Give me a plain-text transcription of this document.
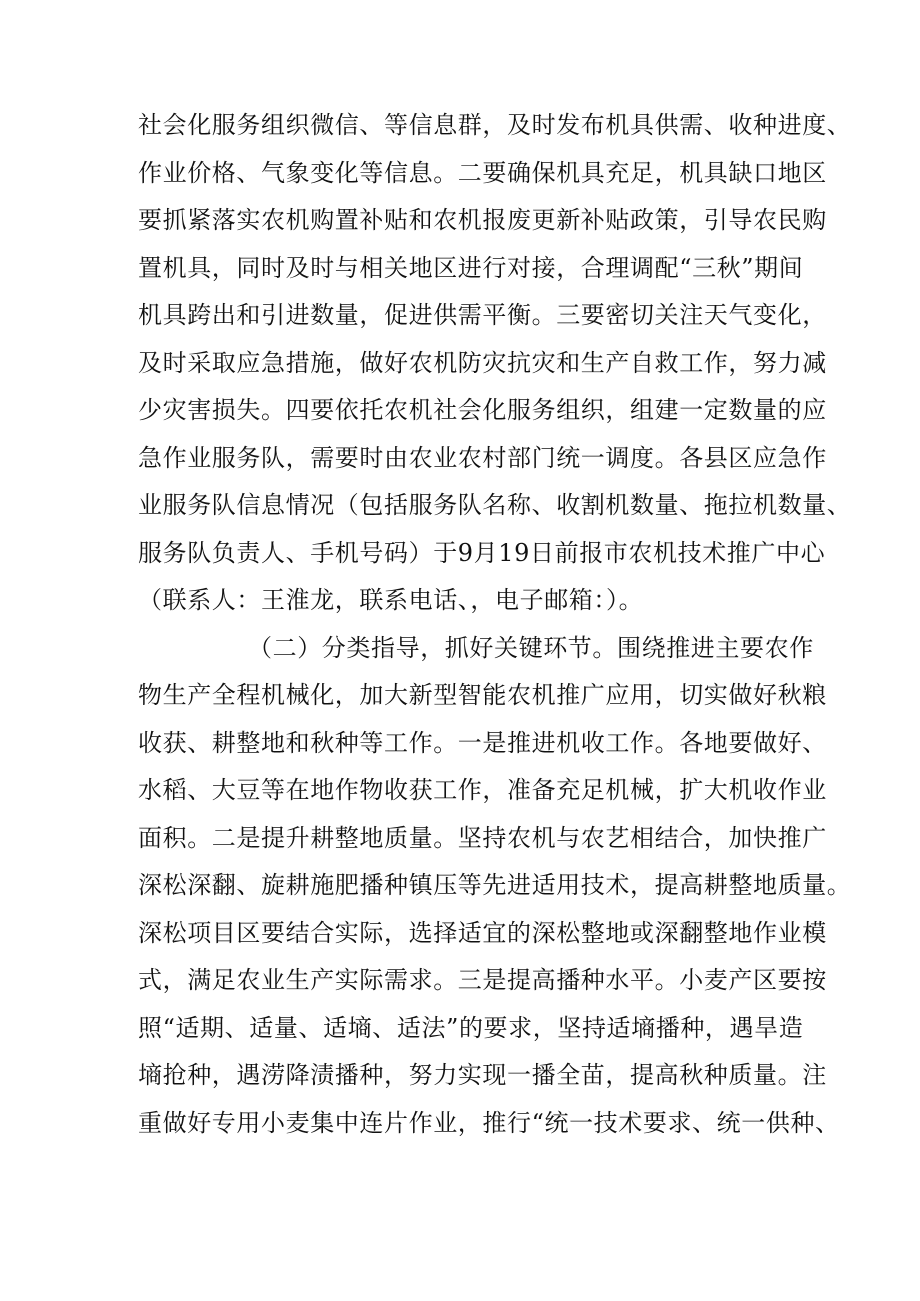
社会化服务组织微信、等信息群，及时发布机具供需、收种进度、
作业价格、气象变化等信息。二要确保机具充足，机具缺口地区
要抓紧落实农机购置补贴和农机报废更新补贴政策，引导农民购
置机具，同时及时与相关地区进行对接，合理调配“三秋”期间
机具跨出和引进数量，促进供需平衡。三要密切关注天气变化，
及时采取应急措施，做好农机防灾抗灾和生产自救工作，努力减
少灾害损失。四要依托农机社会化服务组织，组建一定数量的应
急作业服务队，需要时由农业农村部门统一调度。各县区应急作
业服务队信息情况（包括服务队名称、收割机数量、拖拉机数量、
服务队负责人、手机号码）于9月19日前报市农机技术推广中心
（联系人：王淮龙，联系电话、，电子邮箱：）。
（二）分类指导，抓好关键环节。围绕推进主要农作
物生产全程机械化，加大新型智能农机推广应用，切实做好秋粮
收获、耕整地和秋种等工作。一是推进机收工作。各地要做好、
水稻、大豆等在地作物收获工作，准备充足机械，扩大机收作业
面积。二是提升耕整地质量。坚持农机与农艺相结合，加快推广
深松深翻、旋耕施肥播种镇压等先进适用技术，提高耕整地质量。
深松项目区要结合实际，选择适宜的深松整地或深翻整地作业模
式，满足农业生产实际需求。三是提高播种水平。小麦产区要按
照“适期、适量、适墒、适法”的要求，坚持适墒播种，遇旱造
墒抢种，遇涝降渍播种，努力实现一播全苗，提高秋种质量。注
重做好专用小麦集中连片作业，推行“统一技术要求、统一供种、
